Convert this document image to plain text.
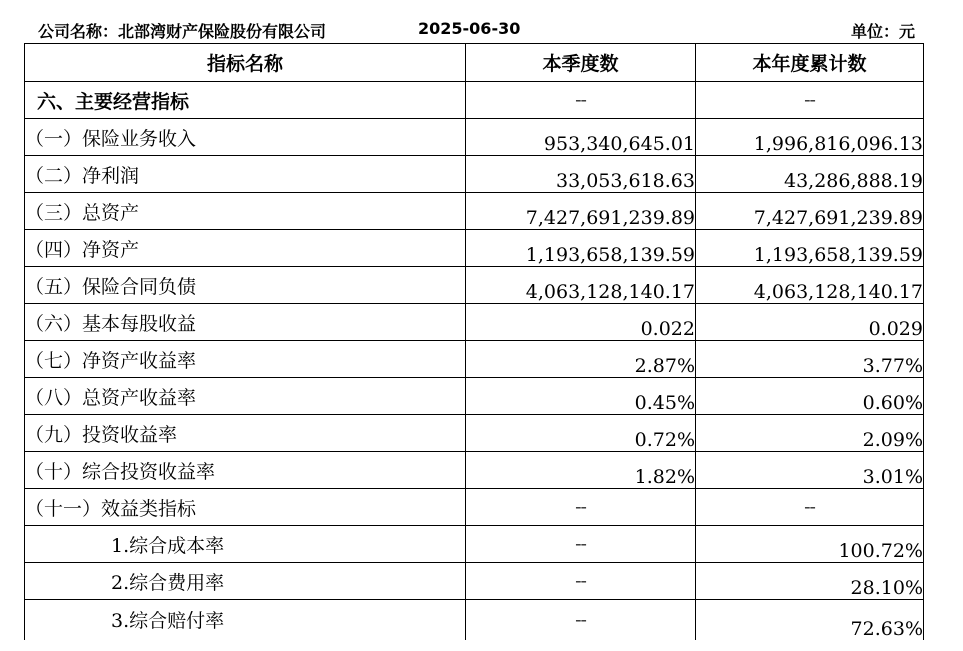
公司名称：北部湾财产保险股份有限公司	2025-06-30	单位：元
指标名称	本季度数	本年度累计数
六、主要经营指标	--	--
（一）保险业务收入	953,340,645.01	1,996,816,096.13
（二）净利润	33,053,618.63	43,286,888.19
（三）总资产	7,427,691,239.89	7,427,691,239.89
（四）净资产	1,193,658,139.59	1,193,658,139.59
（五）保险合同负债	4,063,128,140.17	4,063,128,140.17
（六）基本每股收益	0.022	0.029
（七）净资产收益率	2.87%	3.77%
（八）总资产收益率	0.45%	0.60%
（九）投资收益率	0.72%	2.09%
（十）综合投资收益率	1.82%	3.01%
（十一）效益类指标	--	--
1.综合成本率	--	100.72%
2.综合费用率	--	28.10%
3.综合赔付率	--	72.63%
